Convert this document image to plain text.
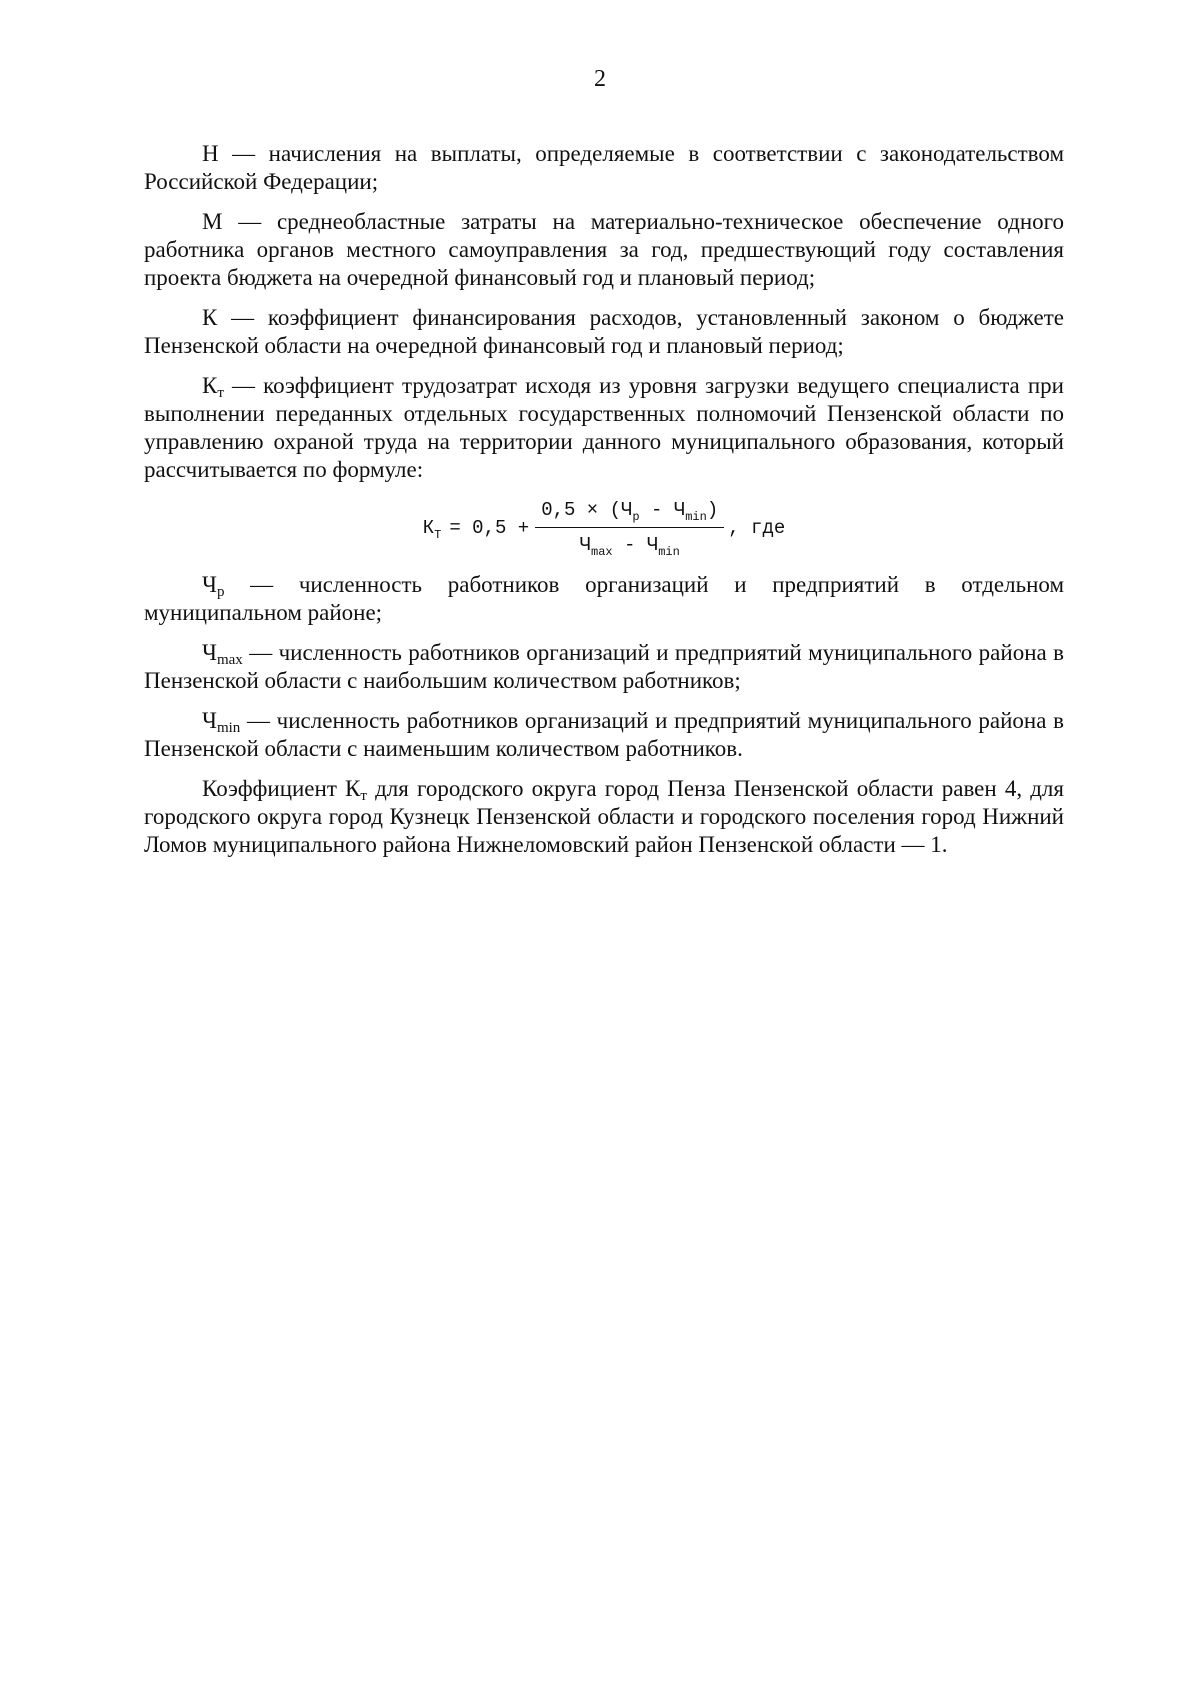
2

Н — начисления на выплаты, определяемые в соответствии с законодательством Российской Федерации;

М — среднеобластные затраты на материально-техническое обеспечение одного работника органов местного самоуправления за год, предшествующий году составления проекта бюджета на очередной финансовый год и плановый период;

К — коэффициент финансирования расходов, установленный законом о бюджете Пензенской области на очередной финансовый год и плановый период;

$К_т$ — коэффициент трудозатрат исходя из уровня загрузки ведущего специалиста при выполнении переданных отдельных государственных полномочий Пензенской области по управлению охраной труда на территории данного муниципального образования, который рассчитывается по формуле:

$К_Т = 0,5 + \frac{0,5 \times (Ч_р - Ч_{min})}{Ч_{max} - Ч_{min}}$ , где

$Ч_р$ — численность работников организаций и предприятий в отдельном муниципальном районе;

$Ч_{max}$ — численность работников организаций и предприятий муниципального района в Пензенской области с наибольшим количеством работников;

$Ч_{min}$ — численность работников организаций и предприятий муниципального района в Пензенской области с наименьшим количеством работников.

Коэффициент $К_т$ для городского округа город Пенза Пензенской области равен 4, для городского округа город Кузнецк Пензенской области и городского поселения город Нижний Ломов муниципального района Нижнеломовский район Пензенской области — 1.
